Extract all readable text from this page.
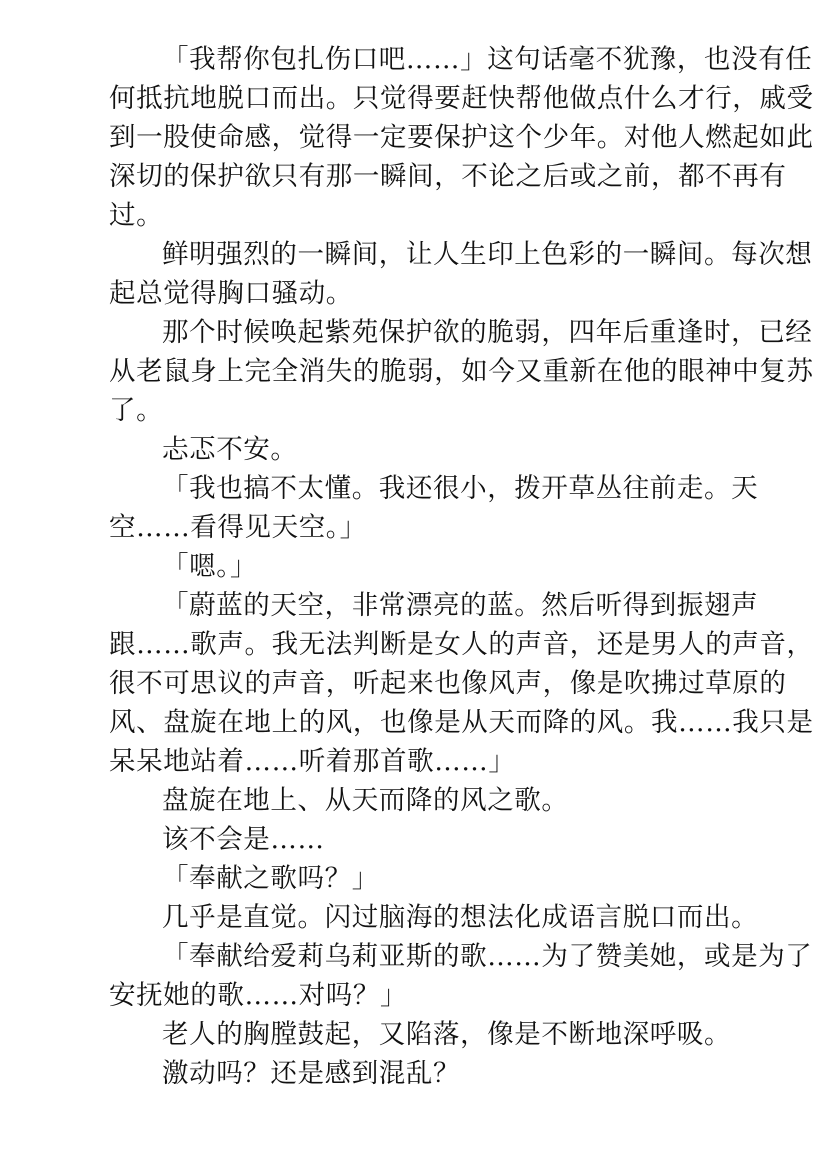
「我帮你包扎伤口吧……」这句话毫不犹豫，也没有任
何抵抗地脱口而出。只觉得要赶快帮他做点什么才行，戚受
到一股使命感，觉得一定要保护这个少年。对他人燃起如此
深切的保护欲只有那一瞬间，不论之后或之前，都不再有
过。

鲜明强烈的一瞬间，让人生印上色彩的一瞬间。每次想
起总觉得胸口骚动。

那个时候唤起紫苑保护欲的脆弱，四年后重逢时，已经
从老鼠身上完全消失的脆弱，如今又重新在他的眼神中复苏
了。

忐忑不安。

「我也搞不太懂。我还很小，拨开草丛往前走。天
空……看得见天空。」

「嗯。」

「蔚蓝的天空，非常漂亮的蓝。然后听得到振翅声
跟……歌声。我无法判断是女人的声音，还是男人的声音，
很不可思议的声音，听起来也像风声，像是吹拂过草原的
风、盘旋在地上的风，也像是从天而降的风。我……我只是
呆呆地站着……听着那首歌……」

盘旋在地上、从天而降的风之歌。

该不会是……

「奉献之歌吗？」

几乎是直觉。闪过脑海的想法化成语言脱口而出。

「奉献给爱莉乌莉亚斯的歌……为了赞美她，或是为了
安抚她的歌……对吗？」

老人的胸膛鼓起，又陷落，像是不断地深呼吸。

激动吗？还是感到混乱？
